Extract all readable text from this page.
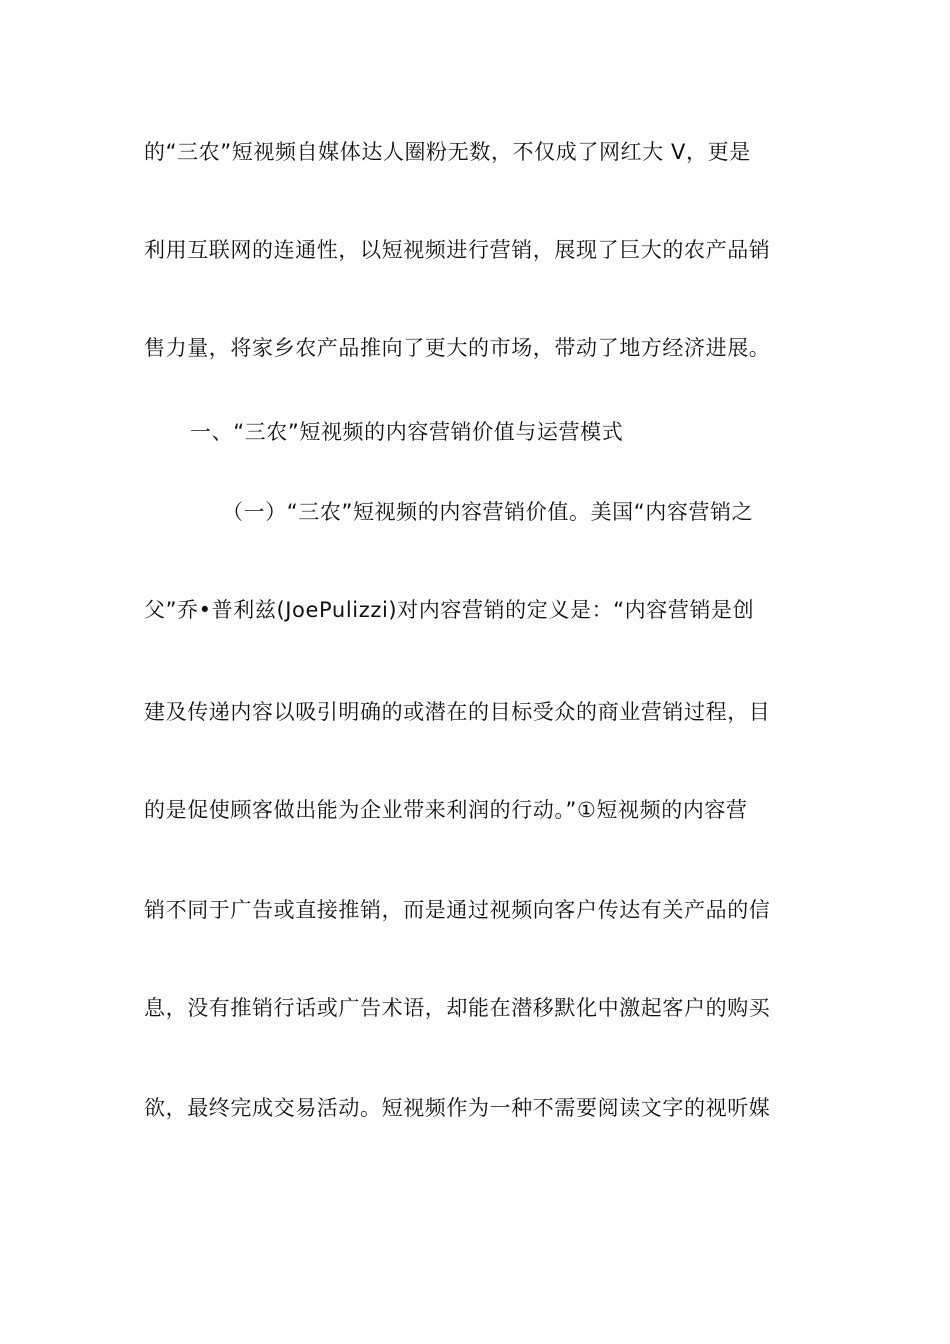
的“三农”短视频自媒体达人圈粉无数，不仅成了网红大 V，更是
利用互联网的连通性，以短视频进行营销，展现了巨大的农产品销
售力量，将家乡农产品推向了更大的市场，带动了地方经济进展。
一、“三农”短视频的内容营销价值与运营模式
（一）“三农”短视频的内容营销价值。美国“内容营销之
父”乔•普利兹(JoePulizzi)对内容营销的定义是：“内容营销是创
建及传递内容以吸引明确的或潜在的目标受众的商业营销过程，目
的是促使顾客做出能为企业带来利润的行动。”①短视频的内容营
销不同于广告或直接推销，而是通过视频向客户传达有关产品的信
息，没有推销行话或广告术语，却能在潜移默化中激起客户的购买
欲，最终完成交易活动。短视频作为一种不需要阅读文字的视听媒
